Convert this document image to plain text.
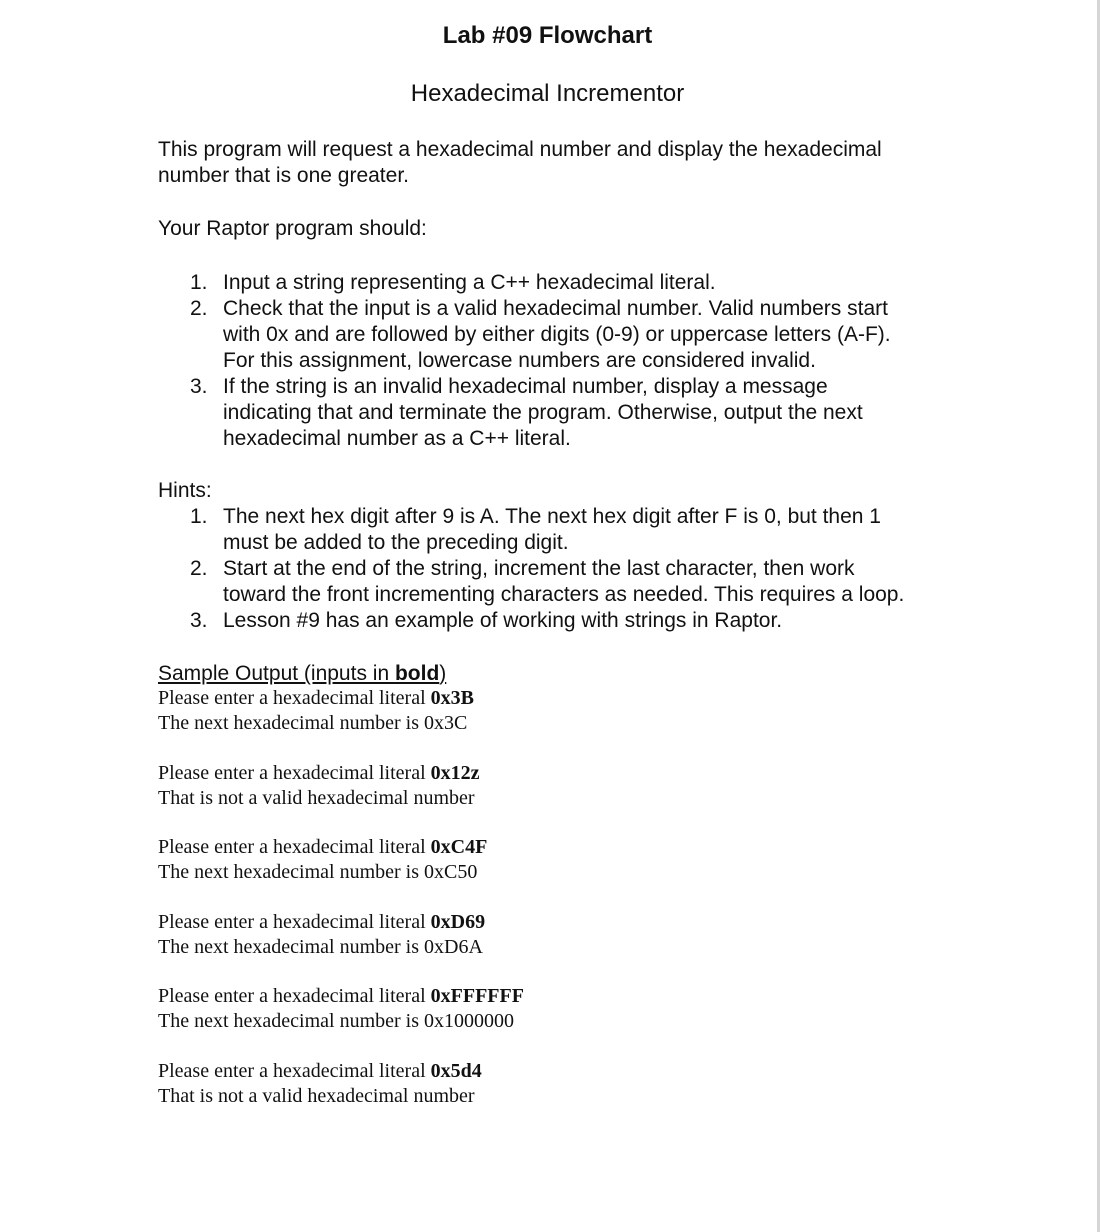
Lab #09 Flowchart
Hexadecimal Incrementor
This program will request a hexadecimal number and display the hexadecimal
number that is one greater.
Your Raptor program should:
1. Input a string representing a C++ hexadecimal literal.
2. Check that the input is a valid hexadecimal number. Valid numbers start
with 0x and are followed by either digits (0-9) or uppercase letters (A-F).
For this assignment, lowercase numbers are considered invalid.
3. If the string is an invalid hexadecimal number, display a message
indicating that and terminate the program. Otherwise, output the next
hexadecimal number as a C++ literal.
Hints:
1. The next hex digit after 9 is A. The next hex digit after F is 0, but then 1
must be added to the preceding digit.
2. Start at the end of the string, increment the last character, then work
toward the front incrementing characters as needed. This requires a loop.
3. Lesson #9 has an example of working with strings in Raptor.
Sample Output (inputs in bold)
Please enter a hexadecimal literal 0x3B
The next hexadecimal number is 0x3C
Please enter a hexadecimal literal 0x12z
That is not a valid hexadecimal number
Please enter a hexadecimal literal 0xC4F
The next hexadecimal number is 0xC50
Please enter a hexadecimal literal 0xD69
The next hexadecimal number is 0xD6A
Please enter a hexadecimal literal 0xFFFFFF
The next hexadecimal number is 0x1000000
Please enter a hexadecimal literal 0x5d4
That is not a valid hexadecimal number
